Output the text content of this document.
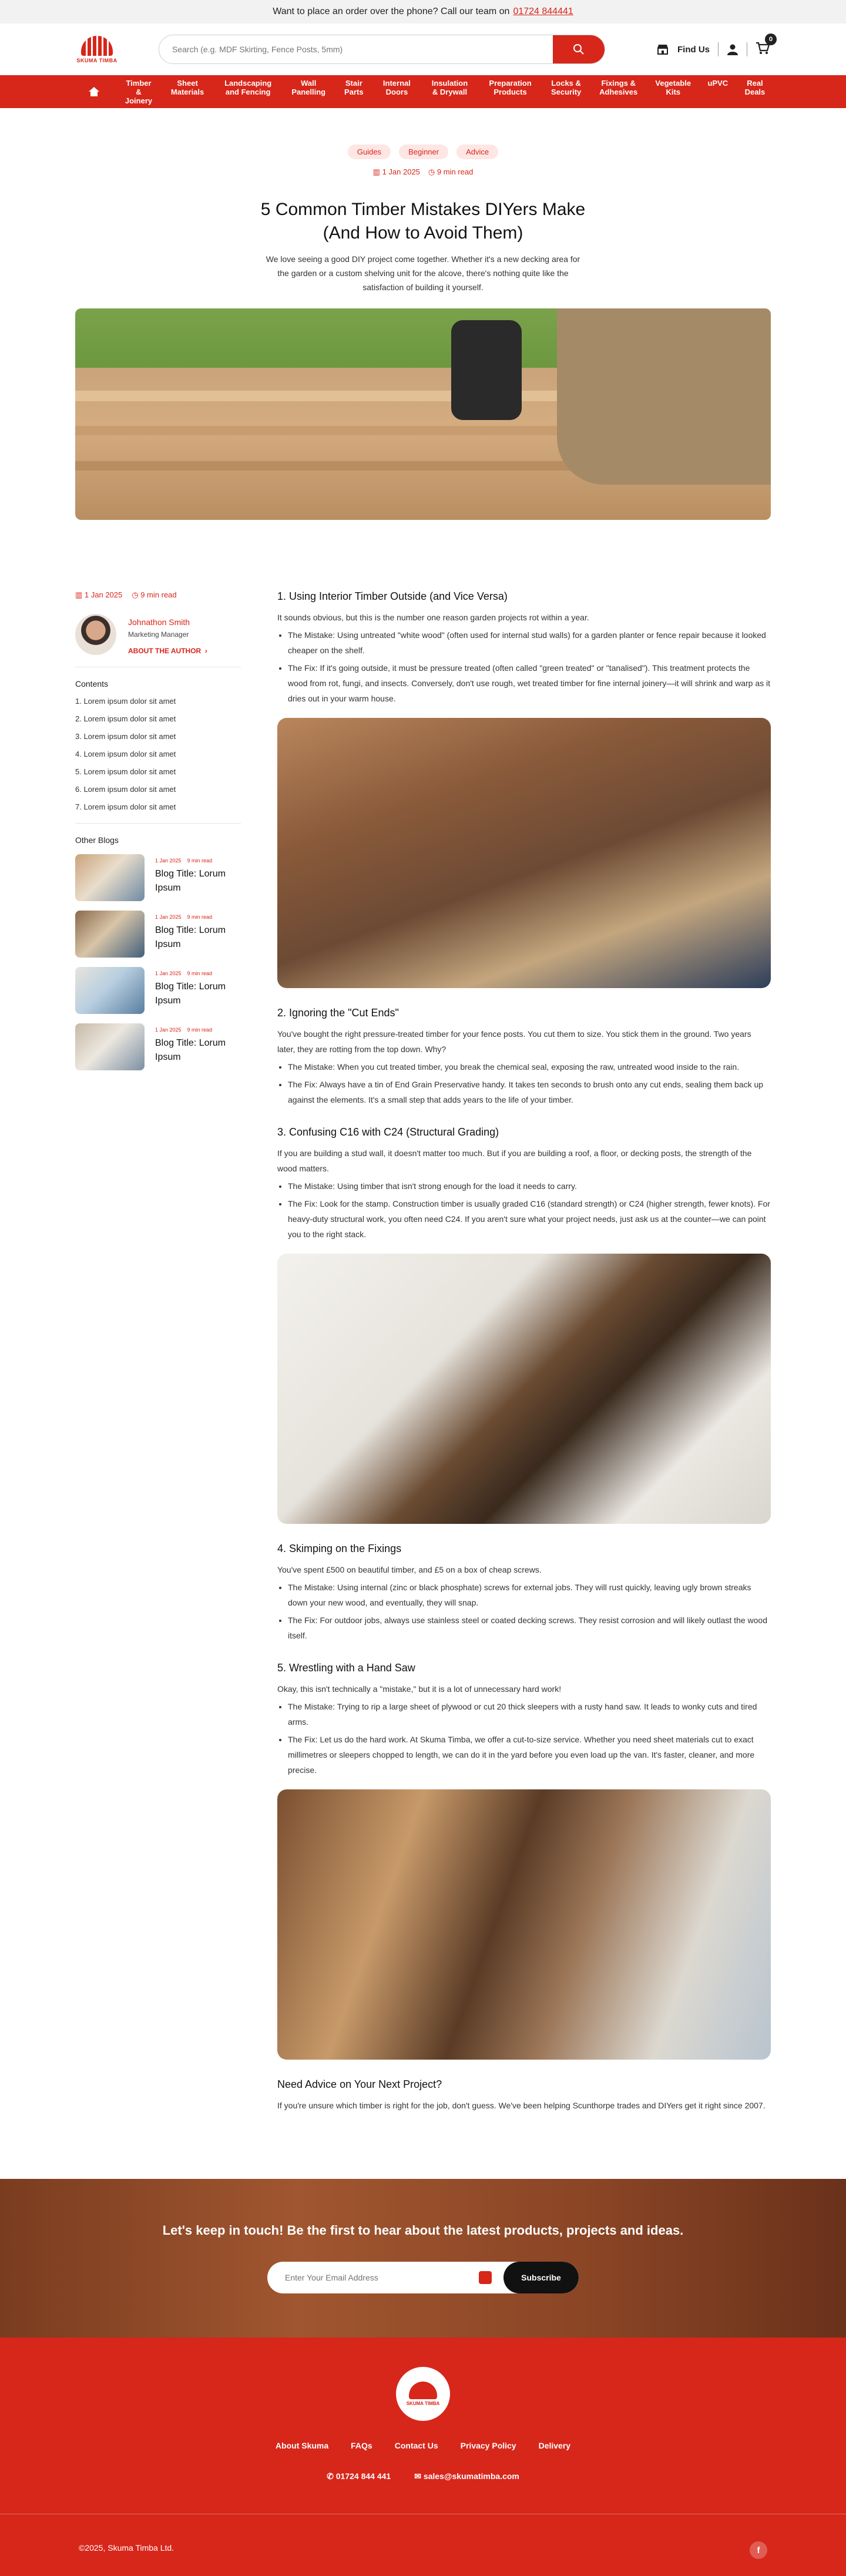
Want to place an order over the phone? Call our team on 01724 844441
SKUMA TIMBA
Search (e.g. MDF Skirting, Fence Posts, 5mm)
Find Us
0
Timber & Joinery
Sheet Materials
Landscaping and Fencing
Wall Panelling
Stair Parts
Internal Doors
Insulation & Drywall
Preparation Products
Locks & Security
Fixings & Adhesives
Vegetable Kits
uPVC	Real Deals
Guides	Beginner	Advice
▥ 1 Jan 2025 ◷ 9 min read
5 Common Timber Mistakes DIYers Make (And How to Avoid Them)

We love seeing a good DIY project come together. Whether it's a new decking area for the garden or a custom shelving unit for the alcove, there's nothing quite like the satisfaction of building it yourself.

▥ 1 Jan 2025 ◷ 9 min read
Johnathon Smith
Marketing Manager
ABOUT THE AUTHOR  ›
Contents
1. Lorem ipsum dolor sit amet
2. Lorem ipsum dolor sit amet
3. Lorem ipsum dolor sit amet
4. Lorem ipsum dolor sit amet
5. Lorem ipsum dolor sit amet
6. Lorem ipsum dolor sit amet
7. Lorem ipsum dolor sit amet
Other Blogs
1 Jan 2025 9 min read
Blog Title: Lorum Ipsum
1 Jan 2025 9 min read
Blog Title: Lorum Ipsum
1 Jan 2025 9 min read
Blog Title: Lorum Ipsum
1 Jan 2025 9 min read
Blog Title: Lorum Ipsum
1. Using Interior Timber Outside (and Vice Versa)

It sounds obvious, but this is the number one reason garden projects rot within a year.

• The Mistake: Using untreated "white wood" (often used for internal stud walls) for a garden planter or fence repair because it looked cheaper on the shelf.
• The Fix: If it's going outside, it must be pressure treated (often called "green treated" or "tanalised"). This treatment protects the wood from rot, fungi, and insects. Conversely, don't use rough, wet treated timber for fine internal joinery—it will shrink and warp as it dries out in your warm house.
2. Ignoring the "Cut Ends"

You've bought the right pressure-treated timber for your fence posts. You cut them to size. You stick them in the ground. Two years later, they are rotting from the top down. Why?

• The Mistake: When you cut treated timber, you break the chemical seal, exposing the raw, untreated wood inside to the rain.
• The Fix: Always have a tin of End Grain Preservative handy. It takes ten seconds to brush onto any cut ends, sealing them back up against the elements. It's a small step that adds years to the life of your timber.
3. Confusing C16 with C24 (Structural Grading)

If you are building a stud wall, it doesn't matter too much. But if you are building a roof, a floor, or decking posts, the strength of the wood matters.

• The Mistake: Using timber that isn't strong enough for the load it needs to carry.
• The Fix: Look for the stamp. Construction timber is usually graded C16 (standard strength) or C24 (higher strength, fewer knots). For heavy-duty structural work, you often need C24. If you aren't sure what your project needs, just ask us at the counter—we can point you to the right stack.
4. Skimping on the Fixings

You've spent £500 on beautiful timber, and £5 on a box of cheap screws.

• The Mistake: Using internal (zinc or black phosphate) screws for external jobs. They will rust quickly, leaving ugly brown streaks down your new wood, and eventually, they will snap.
• The Fix: For outdoor jobs, always use stainless steel or coated decking screws. They resist corrosion and will likely outlast the wood itself.
5. Wrestling with a Hand Saw

Okay, this isn't technically a "mistake," but it is a lot of unnecessary hard work!

• The Mistake: Trying to rip a large sheet of plywood or cut 20 thick sleepers with a rusty hand saw. It leads to wonky cuts and tired arms.
• The Fix: Let us do the hard work. At Skuma Timba, we offer a cut-to-size service. Whether you need sheet materials cut to exact millimetres or sleepers chopped to length, we can do it in the yard before you even load up the van. It's faster, cleaner, and more precise.
Need Advice on Your Next Project?

If you're unsure which timber is right for the job, don't guess. We've been helping Scunthorpe trades and DIYers get it right since 2007.

Let's keep in touch! Be the first to hear about the latest products, projects and ideas.
Enter Your Email Address
Subscribe
SKUMA TIMBA
About Skuma	FAQs	Contact Us	Privacy Policy	Delivery
✆ 01724 844 441	✉ sales@skumatimba.com
©2025, Skuma Timba Ltd.	f
